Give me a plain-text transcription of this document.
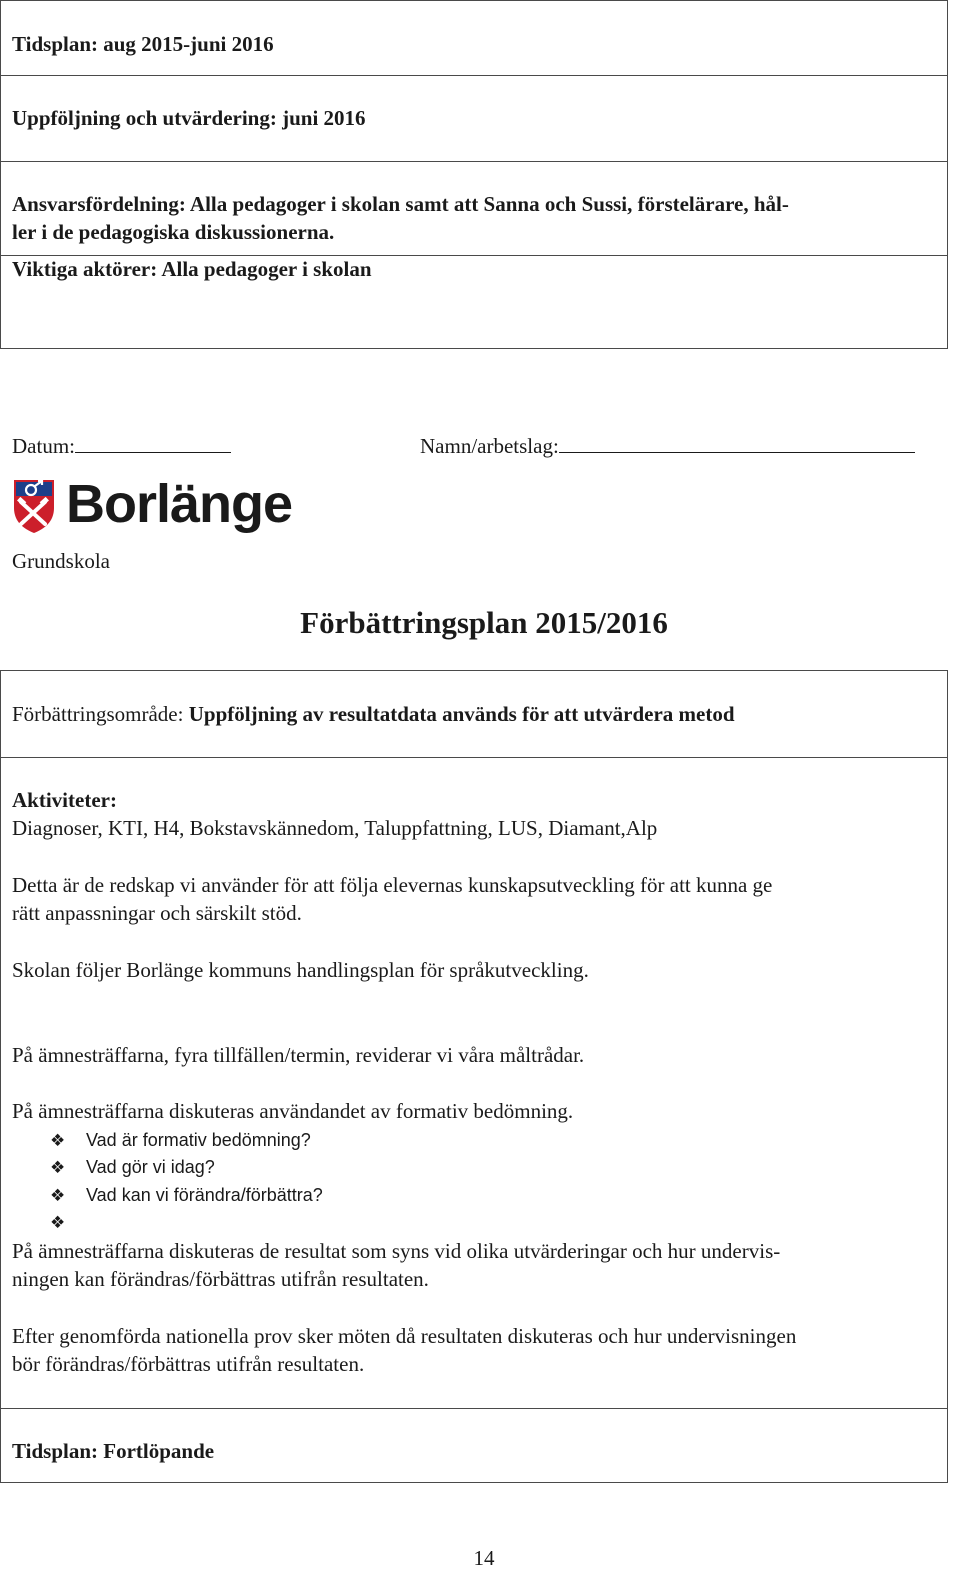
Tidsplan: aug 2015-juni 2016
Uppföljning och utvärdering: juni 2016
Ansvarsfördelning: Alla pedagoger i skolan samt att Sanna och Sussi, förstelärare, hål-
ler i de pedagogiska diskussionerna.
Viktiga aktörer: Alla pedagoger i skolan
Datum:	Namn/arbetslag:
Borlänge
Grundskola
Förbättringsplan 2015/2016
Förbättringsområde: Uppföljning av resultatdata används för att utvärdera metod
Aktiviteter:
Diagnoser, KTI, H4, Bokstavskännedom, Taluppfattning, LUS, Diamant,Alp
Detta är de redskap vi använder för att följa elevernas kunskapsutveckling för att kunna ge
rätt anpassningar och särskilt stöd.
Skolan följer Borlänge kommuns handlingsplan för språkutveckling.
På ämnesträffarna, fyra tillfällen/termin, reviderar vi våra måltrådar.
På ämnesträffarna diskuteras användandet av formativ bedömning.
❖ Vad är formativ bedömning?
❖ Vad gör vi idag?
❖ Vad kan vi förändra/förbättra?
❖
På ämnesträffarna diskuteras de resultat som syns vid olika utvärderingar och hur undervis-
ningen kan förändras/förbättras utifrån resultaten.
Efter genomförda nationella prov sker möten då resultaten diskuteras och hur undervisningen
bör förändras/förbättras utifrån resultaten.
Tidsplan: Fortlöpande
14
